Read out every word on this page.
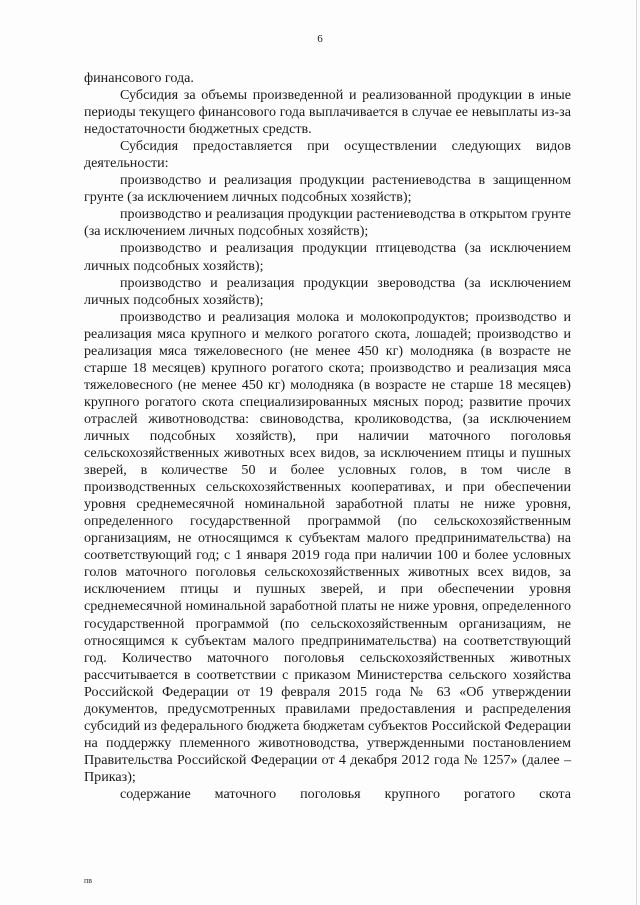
6

финансового года.

Субсидия за объемы произведенной и реализованной продукции в иные периоды текущего финансового года выплачивается в случае ее невыплаты из-за недостаточности бюджетных средств.

Субсидия предоставляется при осуществлении следующих видов деятельности:

производство и реализация продукции растениеводства в защищенном грунте (за исключением личных подсобных хозяйств);

производство и реализация продукции растениеводства в открытом грунте (за исключением личных подсобных хозяйств);

производство и реализация продукции птицеводства (за исключением личных подсобных хозяйств);

производство и реализация продукции звероводства (за исключением личных подсобных хозяйств);

производство и реализация молока и молокопродуктов; производство и реализация мяса крупного и мелкого рогатого скота, лошадей; производство и реализация мяса тяжеловесного (не менее 450 кг) молодняка (в возрасте не старше 18 месяцев) крупного рогатого скота; производство и реализация мяса тяжеловесного (не менее 450 кг) молодняка (в возрасте не старше 18 месяцев) крупного рогатого скота специализированных мясных пород; развитие прочих отраслей животноводства: свиноводства, кролиководства, (за исключением личных подсобных хозяйств), при наличии маточного поголовья сельскохозяйственных животных всех видов, за исключением птицы и пушных зверей, в количестве 50 и более условных голов, в том числе в производственных сельскохозяйственных кооперативах, и при обеспечении уровня среднемесячной номинальной заработной платы не ниже уровня, определенного государственной программой (по сельскохозяйственным организациям, не относящимся к субъектам малого предпринимательства) на соответствующий год; с 1 января 2019 года при наличии 100 и более условных голов маточного поголовья сельскохозяйственных животных всех видов, за исключением птицы и пушных зверей, и при обеспечении уровня среднемесячной номинальной заработной платы не ниже уровня, определенного государственной программой (по сельскохозяйственным организациям, не относящимся к субъектам малого предпринимательства) на соответствующий год. Количество маточного поголовья сельскохозяйственных животных рассчитывается в соответствии с приказом Министерства сельского хозяйства Российской Федерации от 19 февраля 2015 года № 63 «Об утверждении документов, предусмотренных правилами предоставления и распределения субсидий из федерального бюджета бюджетам субъектов Российской Федерации на поддержку племенного животноводства, утвержденными постановлением Правительства Российской Федерации от 4 декабря 2012 года № 1257» (далее – Приказ);

содержание маточного поголовья крупного рогатого скота

пв
